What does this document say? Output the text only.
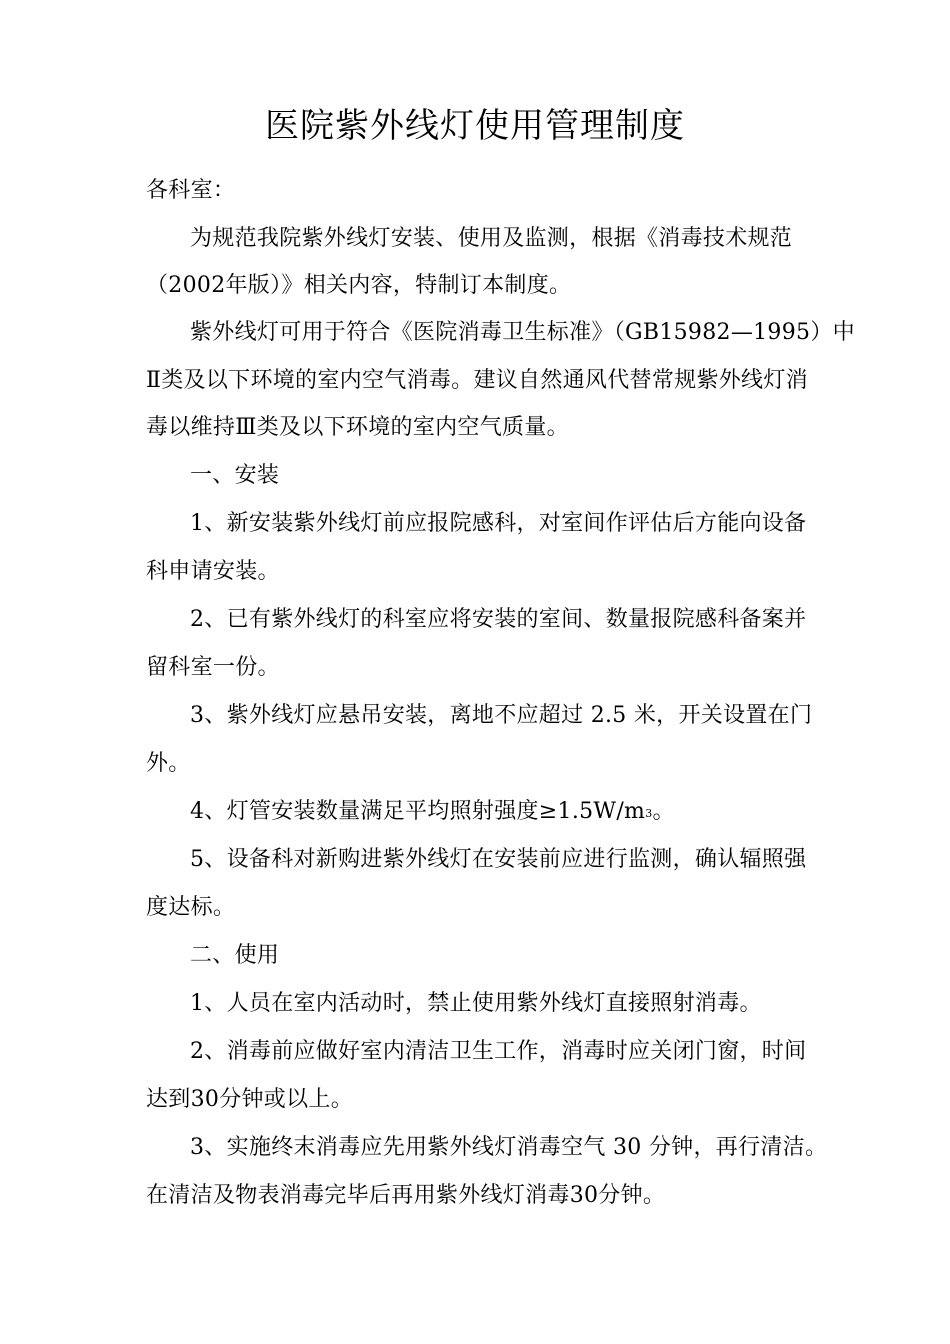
医院紫外线灯使用管理制度
各科室：
为规范我院紫外线灯安装、使用及监测，根据《消毒技术规范
（2002年版）》相关内容，特制订本制度。
紫外线灯可用于符合《医院消毒卫生标准》（GB15982—1995）中
Ⅱ类及以下环境的室内空气消毒。建议自然通风代替常规紫外线灯消
毒以维持Ⅲ类及以下环境的室内空气质量。
一、安装
1、新安装紫外线灯前应报院感科，对室间作评估后方能向设备
科申请安装。
2、已有紫外线灯的科室应将安装的室间、数量报院感科备案并
留科室一份。
3、紫外线灯应悬吊安装，离地不应超过 2.5 米，开关设置在门
外。
4、灯管安装数量满足平均照射强度$\ge 1.5W/m^3$。
5、设备科对新购进紫外线灯在安装前应进行监测，确认辐照强
度达标。
二、使用
1、人员在室内活动时，禁止使用紫外线灯直接照射消毒。
2、消毒前应做好室内清洁卫生工作，消毒时应关闭门窗，时间
达到30分钟或以上。
3、实施终末消毒应先用紫外线灯消毒空气 30 分钟，再行清洁。
在清洁及物表消毒完毕后再用紫外线灯消毒30分钟。
